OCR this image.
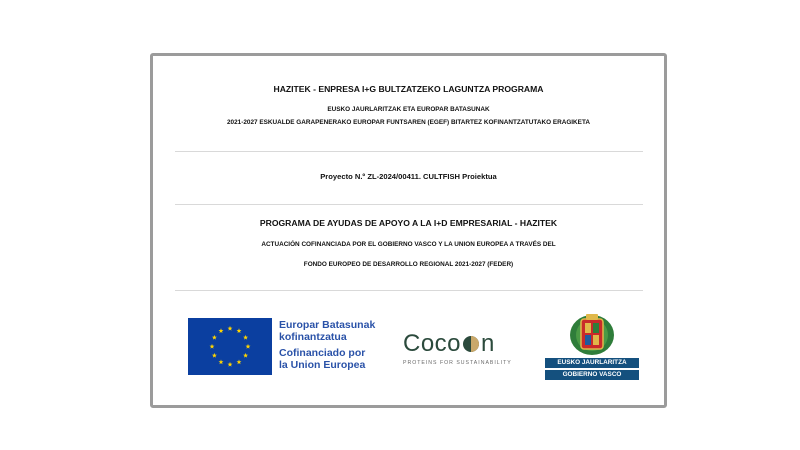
HAZITEK - ENPRESA I+G BULTZATZEKO LAGUNTZA PROGRAMA
EUSKO JAURLARITZAK ETA EUROPAR BATASUNAK
2021-2027 ESKUALDE GARAPENERAKO EUROPAR FUNTSAREN (EGEF) BITARTEZ KOFINANTZATUTAKO ERAGIKETA
Proyecto N.º ZL-2024/00411. CULTFISH Proiektua
PROGRAMA DE AYUDAS DE APOYO A LA I+D EMPRESARIAL - HAZITEK
ACTUACIÓN COFINANCIADA POR EL GOBIERNO VASCO Y LA UNION EUROPEA A TRAVÉS DEL
FONDO EUROPEO DE DESARROLLO REGIONAL 2021-2027 (FEDER)
Europar Batasunak
kofinantzatua
Cofinanciado por
la Union Europea
Coco n
PROTEINS FOR SUSTAINABILITY	EUSKO JAURLARITZA
GOBIERNO VASCO
